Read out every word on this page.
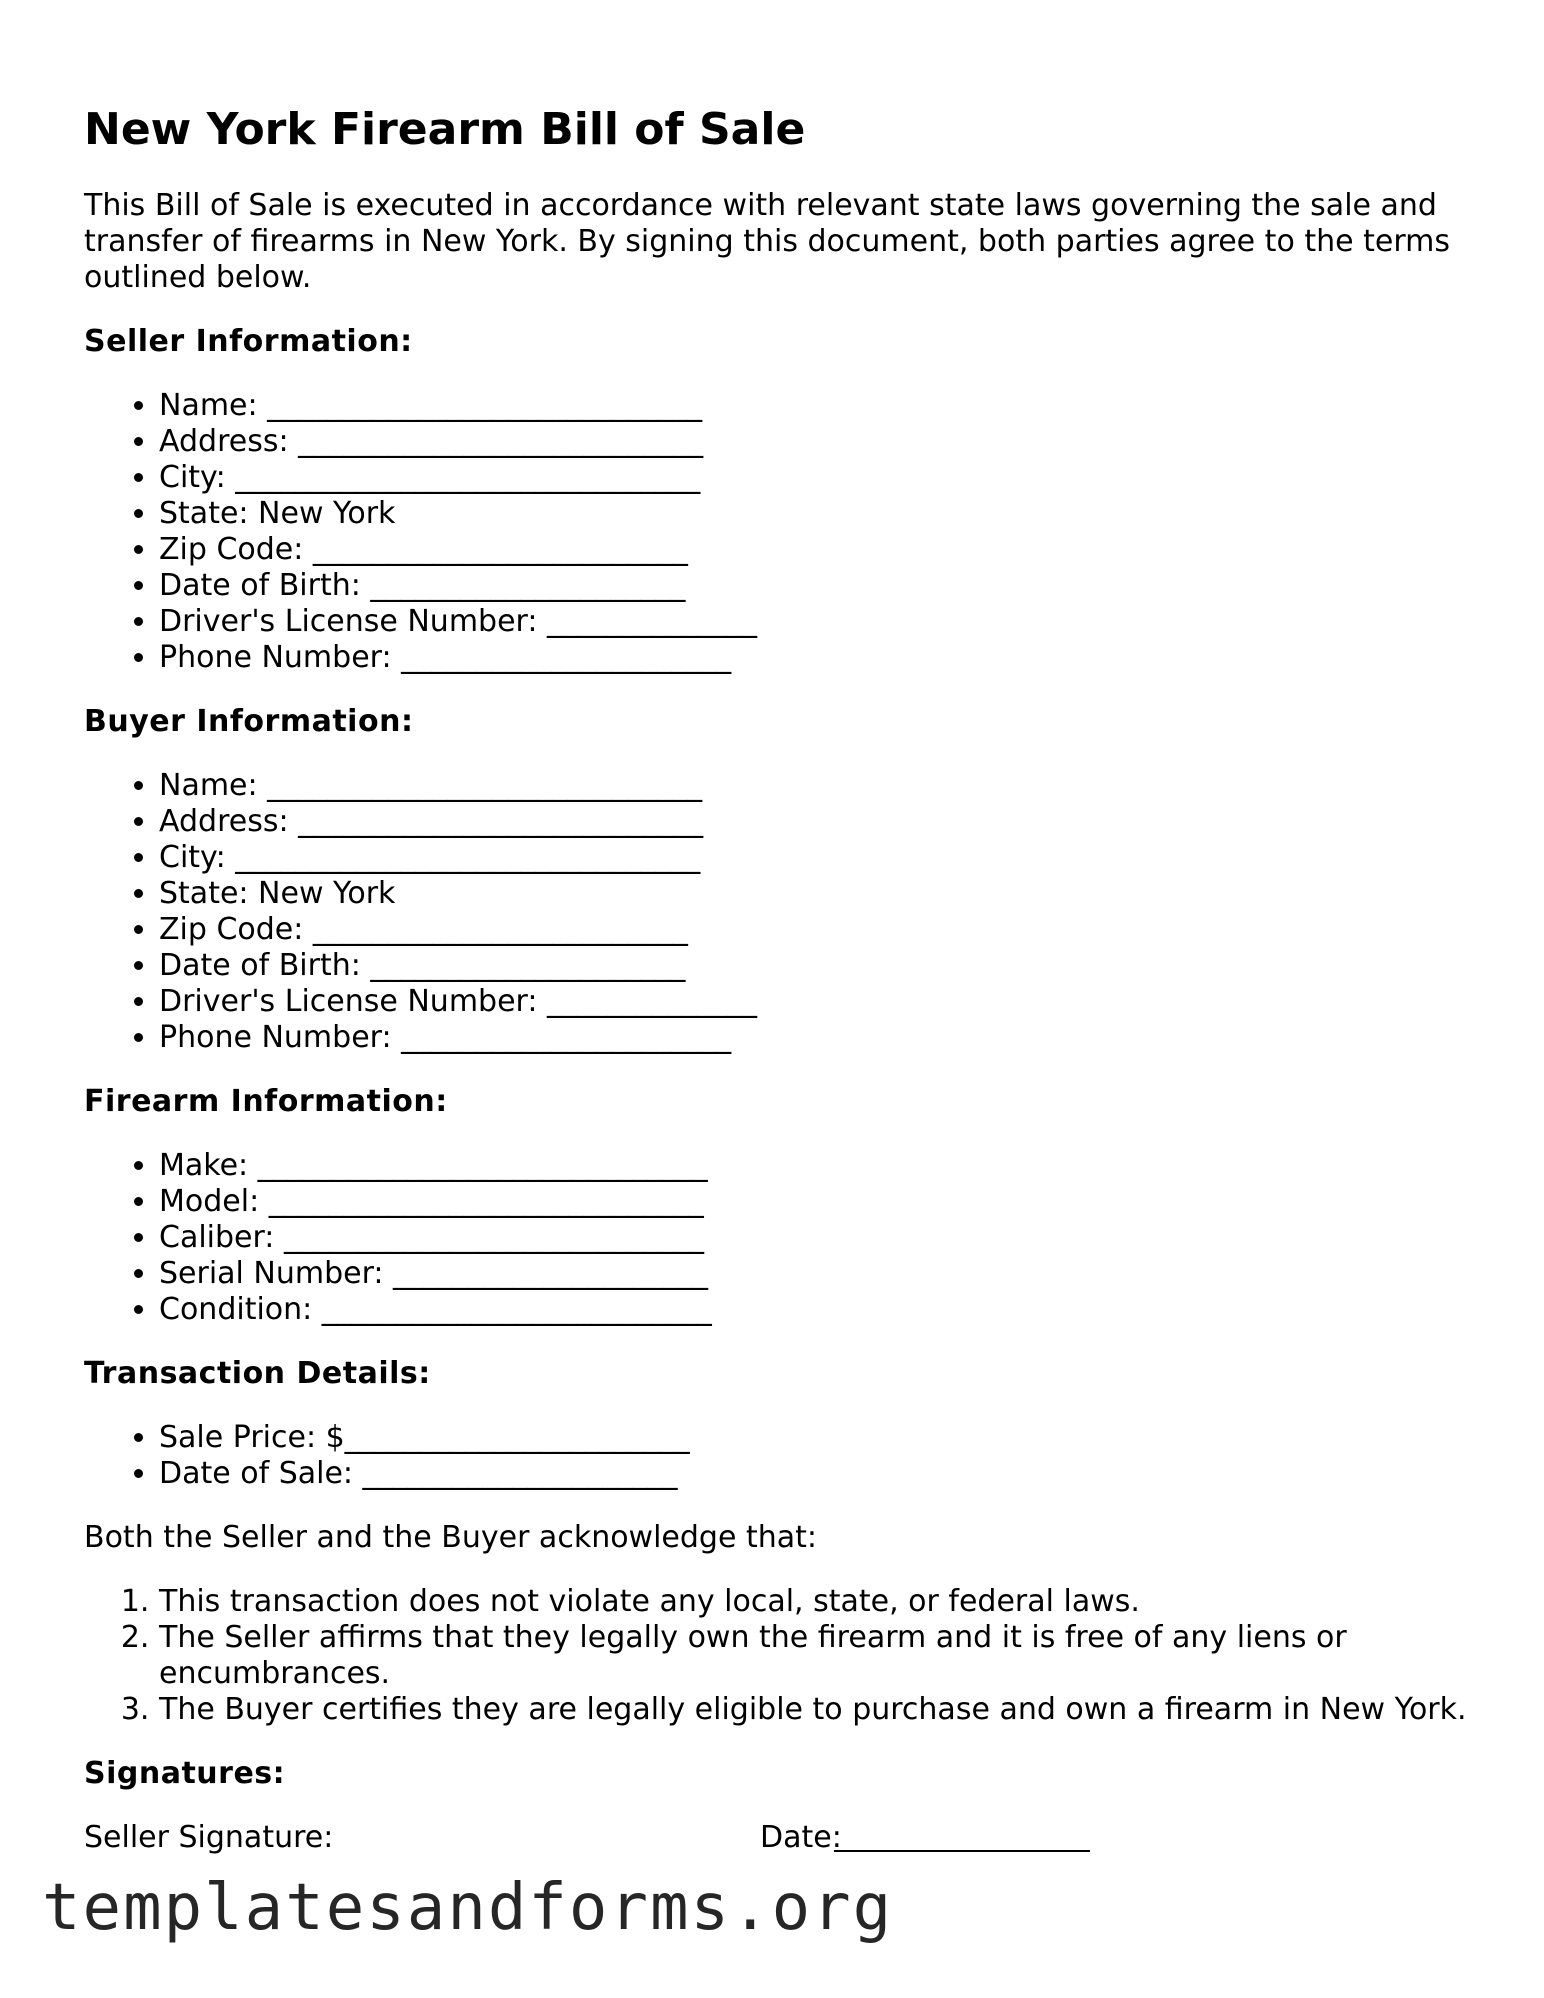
New York Firearm Bill of Sale

This Bill of Sale is executed in accordance with relevant state laws governing the sale and transfer of firearms in New York. By signing this document, both parties agree to the terms outlined below.

Seller Information:
• Name: _____________________________
• Address: ___________________________
• City: _______________________________
• State: New York
• Zip Code: _________________________
• Date of Birth: _____________________
• Driver's License Number: ______________
• Phone Number: ______________________
Buyer Information:
• Name: _____________________________
• Address: ___________________________
• City: _______________________________
• State: New York
• Zip Code: _________________________
• Date of Birth: _____________________
• Driver's License Number: ______________
• Phone Number: ______________________
Firearm Information:
• Make: ______________________________
• Model: _____________________________
• Caliber: ____________________________
• Serial Number: _____________________
• Condition: __________________________
Transaction Details:
• Sale Price: $_______________________
• Date of Sale: _____________________

Both the Seller and the Buyer acknowledge that:

1. This transaction does not violate any local, state, or federal laws.
2. The Seller affirms that they legally own the firearm and it is free of any liens or encumbrances.
3. The Buyer certifies they are legally eligible to purchase and own a firearm in New York.
Signatures:
Seller Signature:	Date:
templatesandforms.org
